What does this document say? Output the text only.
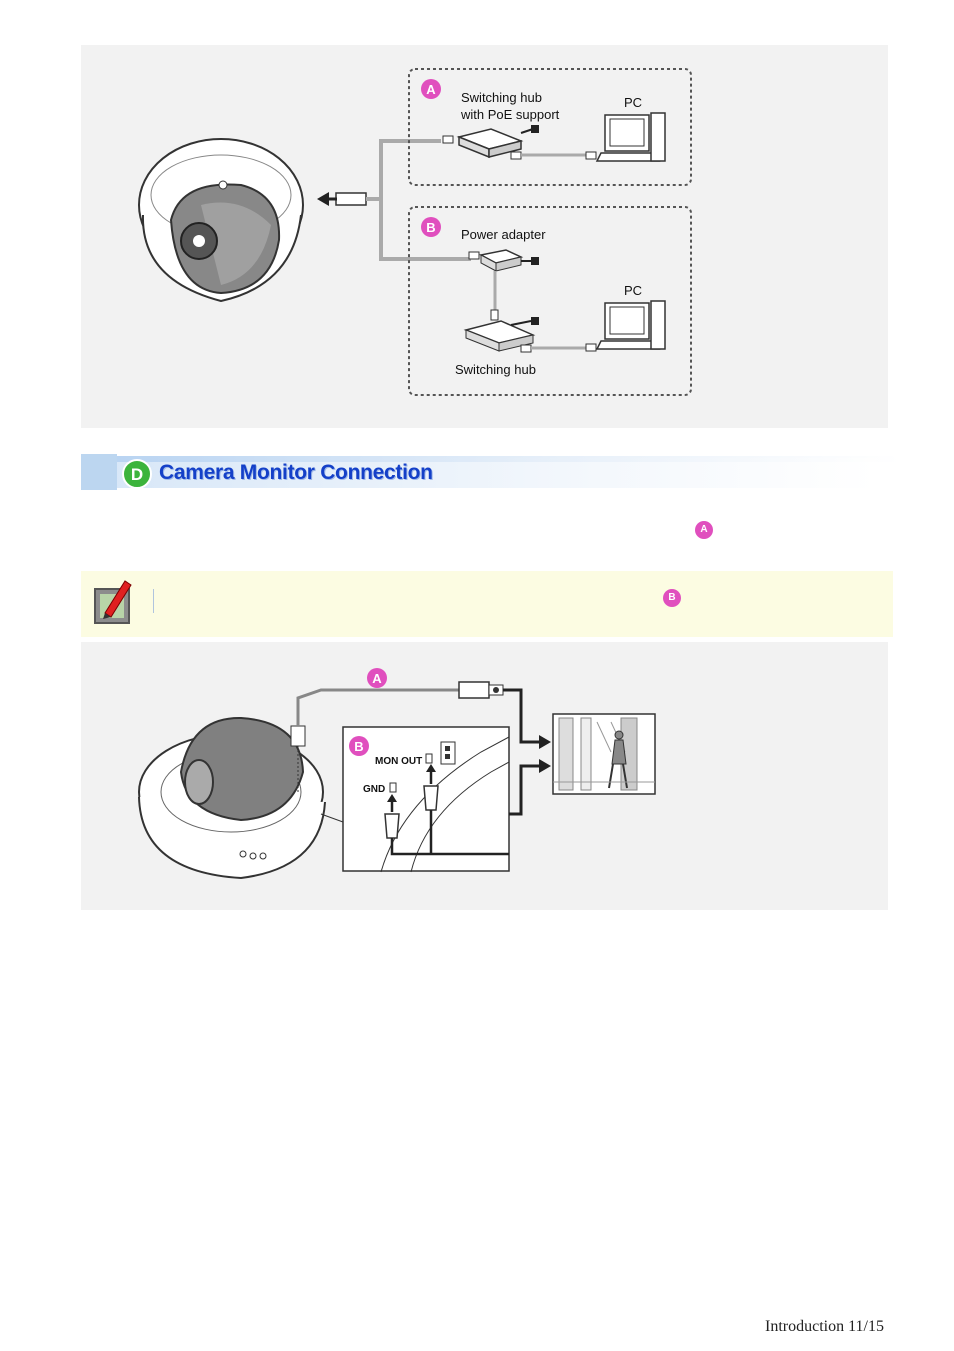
A
Switching hub
with PoE support
PC
B Power adapter
PC
Switching hub
D Camera Monitor Connection
A
B
A
B
MON OUT
GND
Introduction 11/15
